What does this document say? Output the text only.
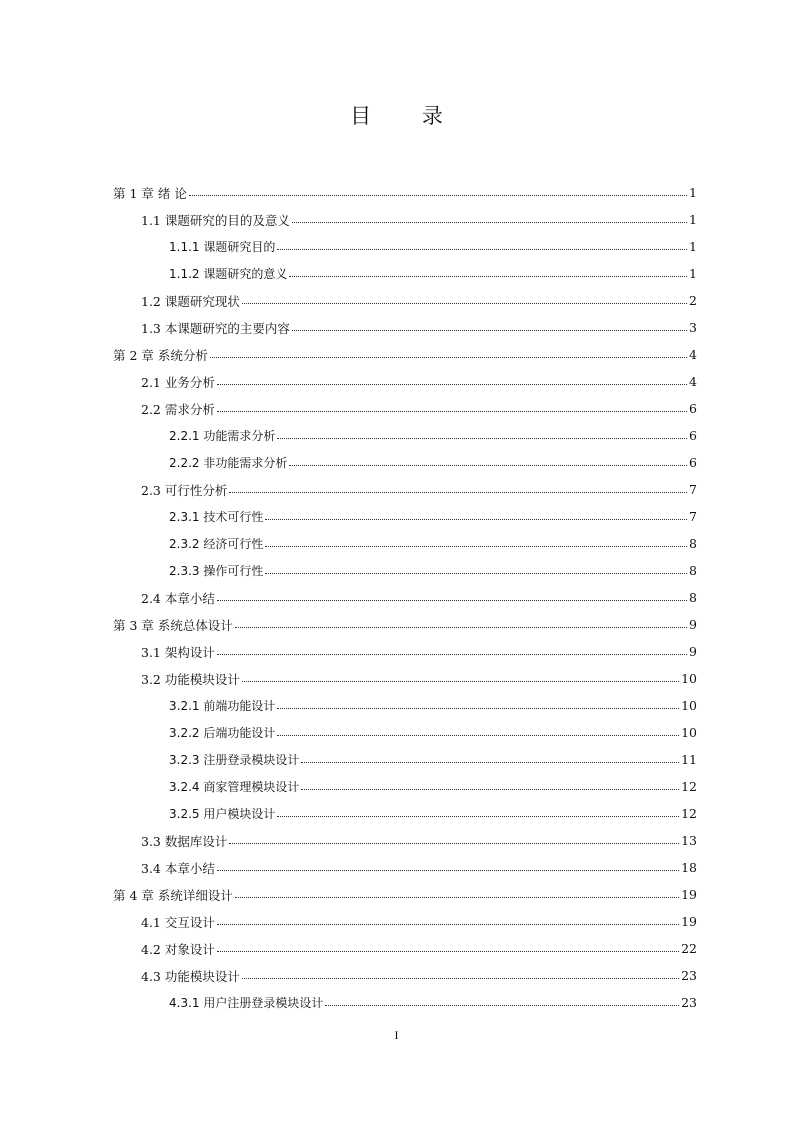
目 录
第 1 章 绪 论	1
1.1 课题研究的目的及意义	1
1.1.1 课题研究目的	1
1.1.2 课题研究的意义	1
1.2 课题研究现状	2
1.3 本课题研究的主要内容	3
第 2 章 系统分析	4
2.1 业务分析	4
2.2 需求分析	6
2.2.1 功能需求分析	6
2.2.2 非功能需求分析	6
2.3 可行性分析	7
2.3.1 技术可行性	7
2.3.2 经济可行性	8
2.3.3 操作可行性	8
2.4 本章小结	8
第 3 章 系统总体设计	9
3.1 架构设计	9
3.2 功能模块设计	10
3.2.1 前端功能设计	10
3.2.2 后端功能设计	10
3.2.3 注册登录模块设计	11
3.2.4 商家管理模块设计	12
3.2.5 用户模块设计	12
3.3 数据库设计	13
3.4 本章小结	18
第 4 章 系统详细设计	19
4.1 交互设计	19
4.2 对象设计	22
4.3 功能模块设计	23
4.3.1 用户注册登录模块设计	23
I
